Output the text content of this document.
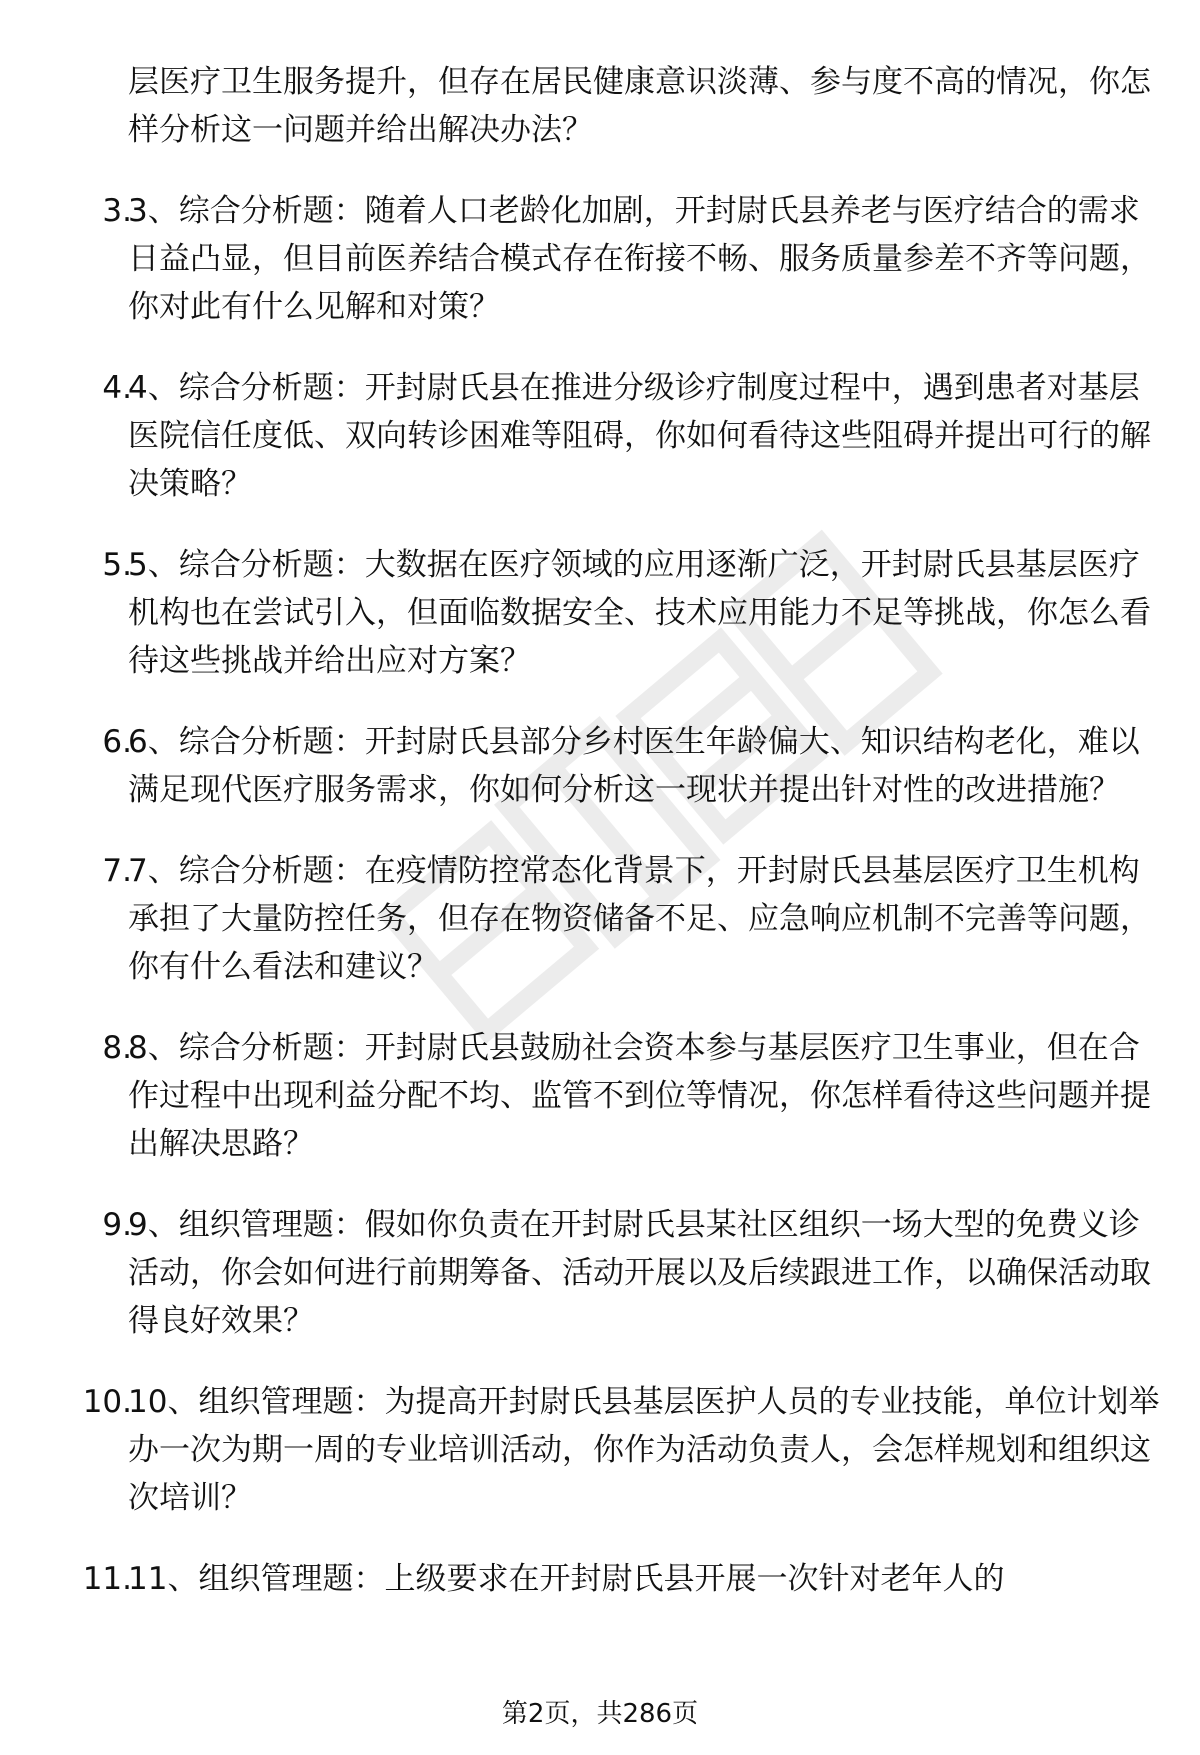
层医疗卫生服务提升，但存在居民健康意识淡薄、参与度不高的情况，你怎样分析这一问题并给出解决办法？
3.
3、综合分析题：随着人口老龄化加剧，开封尉氏县养老与医疗结合的需求日益凸显，但目前医养结合模式存在衔接不畅、服务质量参差不齐等问题，你对此有什么见解和对策？
4.
4、综合分析题：开封尉氏县在推进分级诊疗制度过程中，遇到患者对基层医院信任度低、双向转诊困难等阻碍，你如何看待这些阻碍并提出可行的解决策略？
5.
5、综合分析题：大数据在医疗领域的应用逐渐广泛，开封尉氏县基层医疗机构也在尝试引入，但面临数据安全、技术应用能力不足等挑战，你怎么看待这些挑战并给出应对方案？
6.
6、综合分析题：开封尉氏县部分乡村医生年龄偏大、知识结构老化，难以满足现代医疗服务需求，你如何分析这一现状并提出针对性的改进措施？
7.
7、综合分析题：在疫情防控常态化背景下，开封尉氏县基层医疗卫生机构承担了大量防控任务，但存在物资储备不足、应急响应机制不完善等问题，你有什么看法和建议？
8.
8、综合分析题：开封尉氏县鼓励社会资本参与基层医疗卫生事业，但在合作过程中出现利益分配不均、监管不到位等情况，你怎样看待这些问题并提出解决思路？
9.
9、组织管理题：假如你负责在开封尉氏县某社区组织一场大型的免费义诊活动，你会如何进行前期筹备、活动开展以及后续跟进工作，以确保活动取得良好效果？
10.
10、组织管理题：为提高开封尉氏县基层医护人员的专业技能，单位计划举办一次为期一周的专业培训活动，你作为活动负责人，会怎样规划和组织这次培训？
11.
11、组织管理题：上级要求在开封尉氏县开展一次针对老年人的
第2页，共286页
